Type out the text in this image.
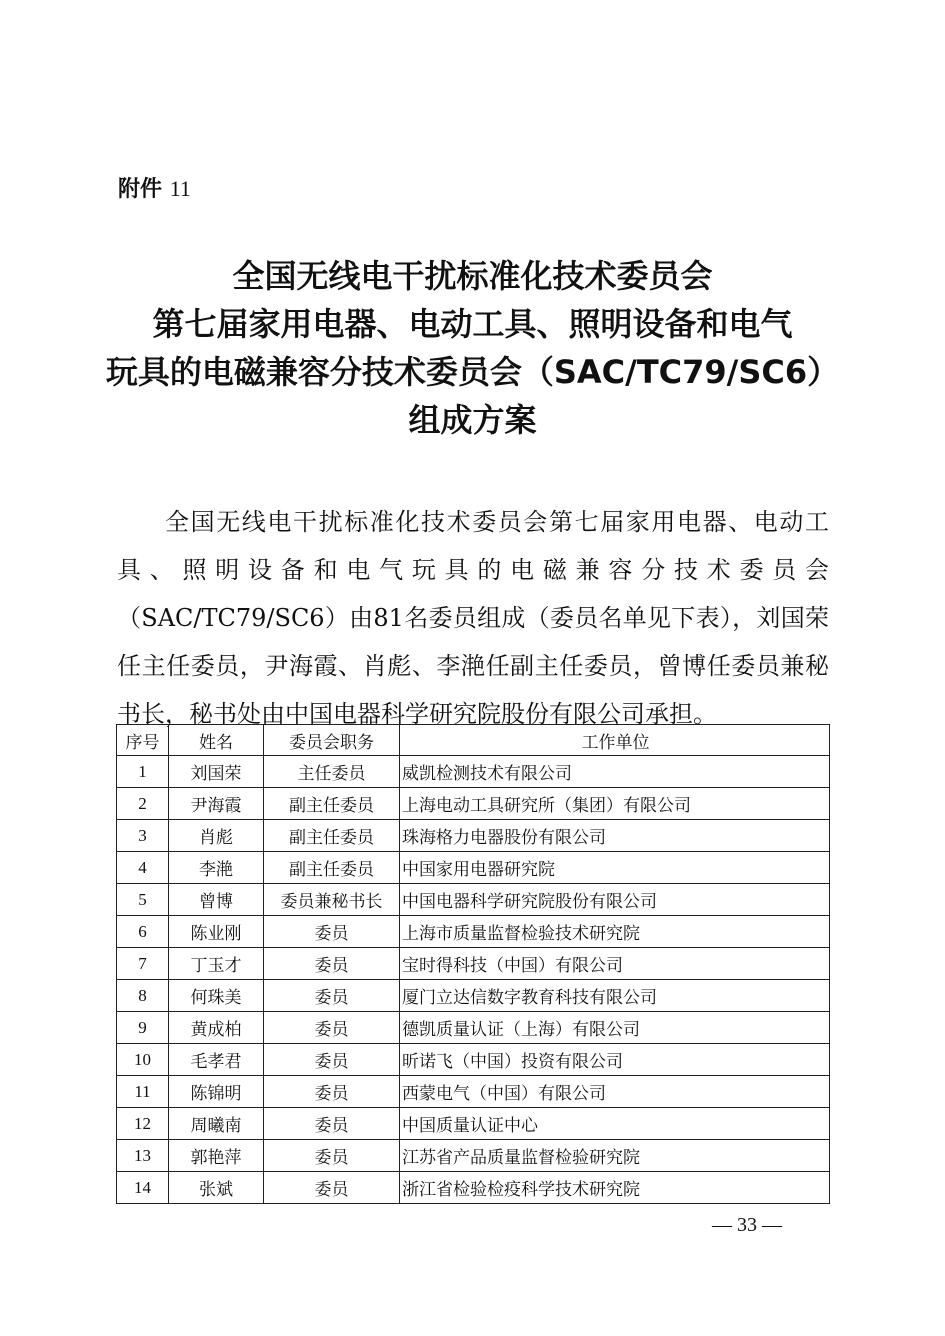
附件 11
全国无线电干扰标准化技术委员会
第七届家用电器、电动工具、照明设备和电气
玩具的电磁兼容分技术委员会（SAC/TC79/SC6）
组成方案

全国无线电干扰标准化技术委员会第七届家用电器、电动工具、照明设备和电气玩具的电磁兼容分技术委员会（SAC/TC79/SC6）由81名委员组成（委员名单见下表），刘国荣任主任委员，尹海霞、肖彪、李滟任副主任委员，曾博任委员兼秘书长，秘书处由中国电器科学研究院股份有限公司承担。

序号	姓名	委员会职务	工作单位
1	刘国荣	主任委员	威凯检测技术有限公司
2	尹海霞	副主任委员	上海电动工具研究所（集团）有限公司
3	肖彪	副主任委员	珠海格力电器股份有限公司
4	李滟	副主任委员	中国家用电器研究院
5	曾博	委员兼秘书长	中国电器科学研究院股份有限公司
6	陈业刚	委员	上海市质量监督检验技术研究院
7	丁玉才	委员	宝时得科技（中国）有限公司
8	何珠美	委员	厦门立达信数字教育科技有限公司
9	黄成柏	委员	德凯质量认证（上海）有限公司
10	毛孝君	委员	昕诺飞（中国）投资有限公司
11	陈锦明	委员	西蒙电气（中国）有限公司
12	周曦南	委员	中国质量认证中心
13	郭艳萍	委员	江苏省产品质量监督检验研究院
14	张斌	委员	浙江省检验检疫科学技术研究院
— 33 —
